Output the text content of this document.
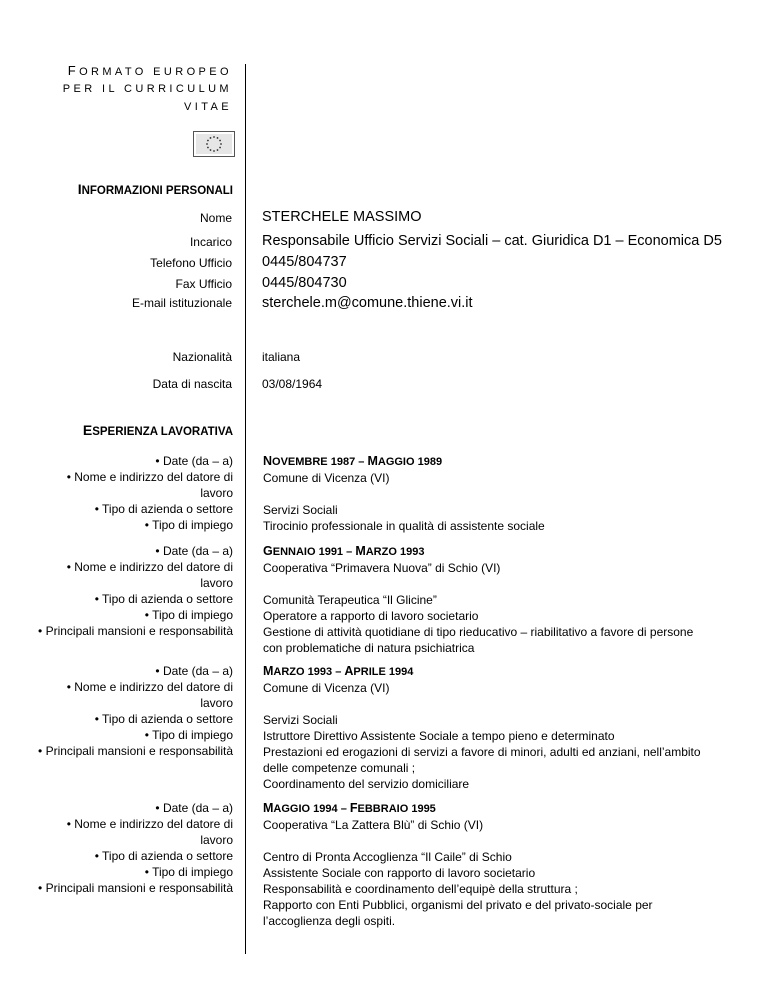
FORMATO EUROPEO
PER IL CURRICULUM
VITAE
INFORMAZIONI PERSONALI
Nome STERCHELE MASSIMO
Incarico Responsabile Ufficio Servizi Sociali – cat. Giuridica D1 – Economica D5
Telefono Ufficio 0445/804737
Fax Ufficio 0445/804730
E-mail istituzionale sterchele.m@comune.thiene.vi.it
Nazionalità	italiana
Data di nascita	03/08/1964
ESPERIENZA LAVORATIVA
• Date (da – a)
• Nome e indirizzo del datore di
lavoro
• Tipo di azienda o settore
• Tipo di impiego
NOVEMBRE 1987 – MAGGIO 1989
Comune di Vicenza (VI)
Servizi Sociali
Tirocinio professionale in qualità di assistente sociale
• Date (da – a)
• Nome e indirizzo del datore di
lavoro
• Tipo di azienda o settore
• Tipo di impiego
• Principali mansioni e responsabilità
GENNAIO 1991 – MARZO 1993
Cooperativa “Primavera Nuova” di Schio (VI)
Comunità Terapeutica “Il Glicine”
Operatore a rapporto di lavoro societario
Gestione di attività quotidiane di tipo rieducativo – riabilitativo a favore di persone con problematiche di natura psichiatrica
• Date (da – a)
• Nome e indirizzo del datore di
lavoro
• Tipo di azienda o settore
• Tipo di impiego
• Principali mansioni e responsabilità
MARZO 1993 – APRILE 1994
Comune di Vicenza (VI)
Servizi Sociali
Istruttore Direttivo Assistente Sociale a tempo pieno e determinato
Prestazioni ed erogazioni di servizi a favore di minori, adulti ed anziani, nell’ambito delle competenze comunali ;
Coordinamento del servizio domiciliare
• Date (da – a)
• Nome e indirizzo del datore di
lavoro
• Tipo di azienda o settore
• Tipo di impiego
• Principali mansioni e responsabilità
MAGGIO 1994 – FEBBRAIO 1995
Cooperativa “La Zattera Blù” di Schio (VI)
Centro di Pronta Accoglienza “Il Caile” di Schio
Assistente Sociale con rapporto di lavoro societario
Responsabilità e coordinamento dell’equipè della struttura ;
Rapporto con Enti Pubblici, organismi del privato e del privato-sociale per l’accoglienza degli ospiti.
